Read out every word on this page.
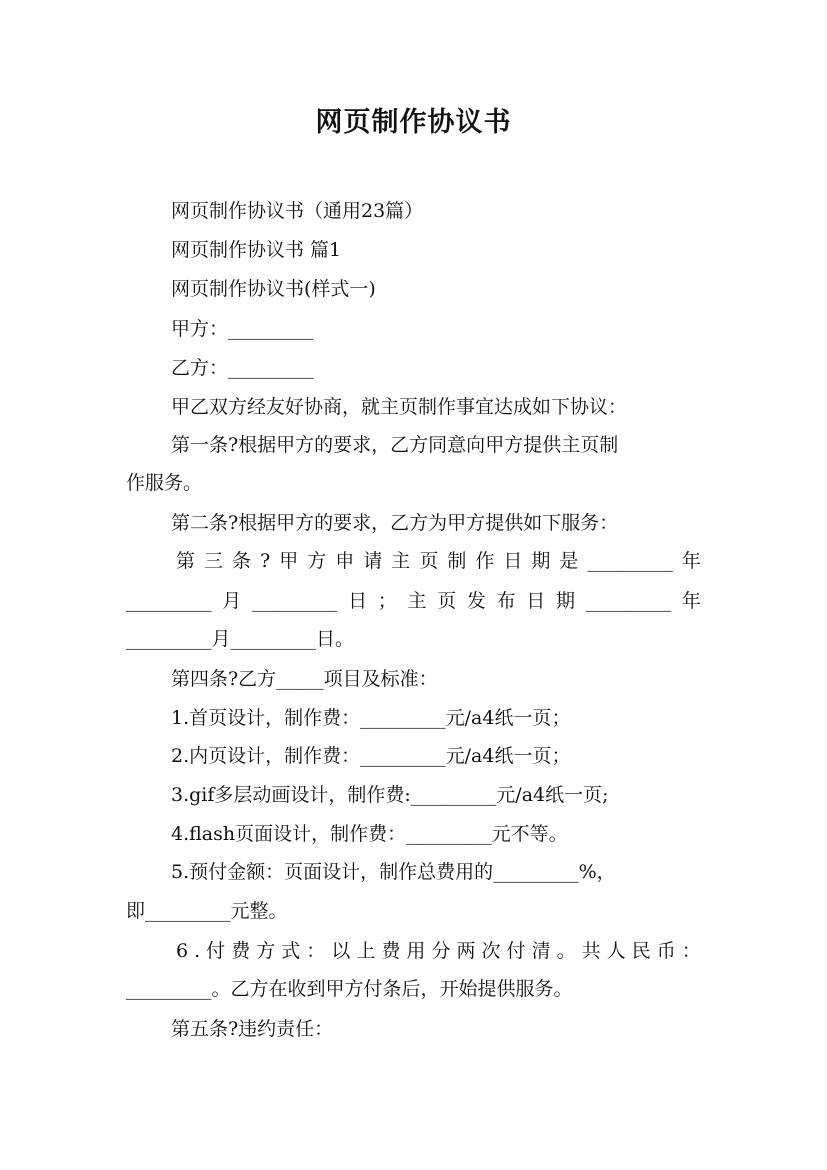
网页制作协议书
网页制作协议书（通用23篇）
网页制作协议书 篇1
网页制作协议书(样式一)
甲方：_________
乙方：_________
甲乙双方经友好协商，就主页制作事宜达成如下协议：
第一条?根据甲方的要求，乙方同意向甲方提供主页制
作服务。
第二条?根据甲方的要求，乙方为甲方提供如下服务：
第 三 条 ? 甲 方 申 请 主 页 制 作 日 期 是 _________ 年
_________ 月 _________ 日 ； 主 页 发 布 日 期 _________ 年
_________月_________日。
第四条?乙方_____项目及标准：
1.首页设计，制作费：_________元/a4纸一页；
2.内页设计，制作费：_________元/a4纸一页；
3.gif多层动画设计，制作费:_________元/a4纸一页;
4.flash页面设计，制作费：_________元不等。
5.预付金额：页面设计，制作总费用的_________%，
即_________元整。
6 . 付 费 方 式 ： 以 上 费 用 分 两 次 付 清 。 共 人 民 币 ：
_________。乙方在收到甲方付条后，开始提供服务。
第五条?违约责任：
